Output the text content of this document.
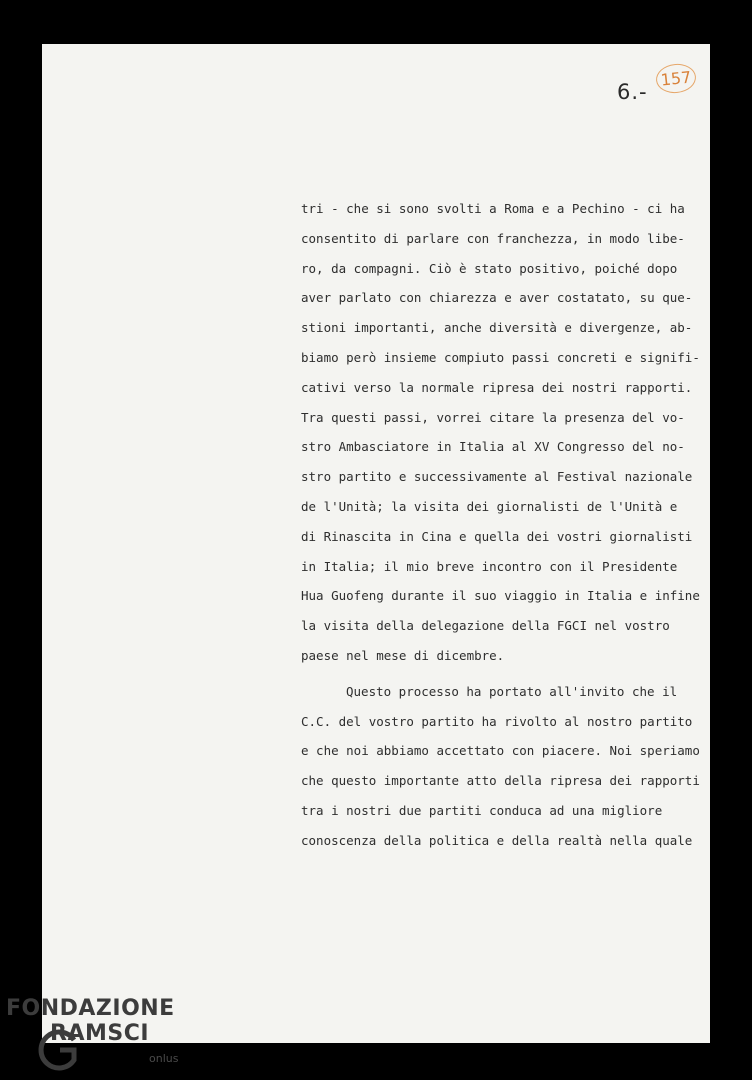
6.-
157
tri - che si sono svolti a Roma e a Pechino - ci ha
consentito di parlare con franchezza, in modo libe-
ro, da compagni. Ciò è stato positivo, poiché dopo
aver parlato con chiarezza e aver costatato, su que-
stioni importanti, anche diversità e divergenze, ab-
biamo però insieme compiuto passi concreti e signifi-
cativi verso la normale ripresa dei nostri rapporti.
Tra questi passi, vorrei citare la presenza del vo-
stro Ambasciatore in Italia al XV Congresso del no-
stro partito e successivamente al Festival nazionale
de l'Unità; la visita dei giornalisti de l'Unità e
di Rinascita in Cina e quella dei vostri giornalisti
in Italia; il mio breve incontro con il Presidente
Hua Guofeng durante il suo viaggio in Italia e infine
la visita della delegazione della FGCI nel vostro
paese nel mese di dicembre.
Questo processo ha portato all'invito che il
C.C. del vostro partito ha rivolto al nostro partito
e che noi abbiamo accettato con piacere. Noi speriamo
che questo importante atto della ripresa dei rapporti
tra i nostri due partiti conduca ad una migliore
conoscenza della politica e della realtà nella quale
FONDAZIONE
RAMSCI
onlus
